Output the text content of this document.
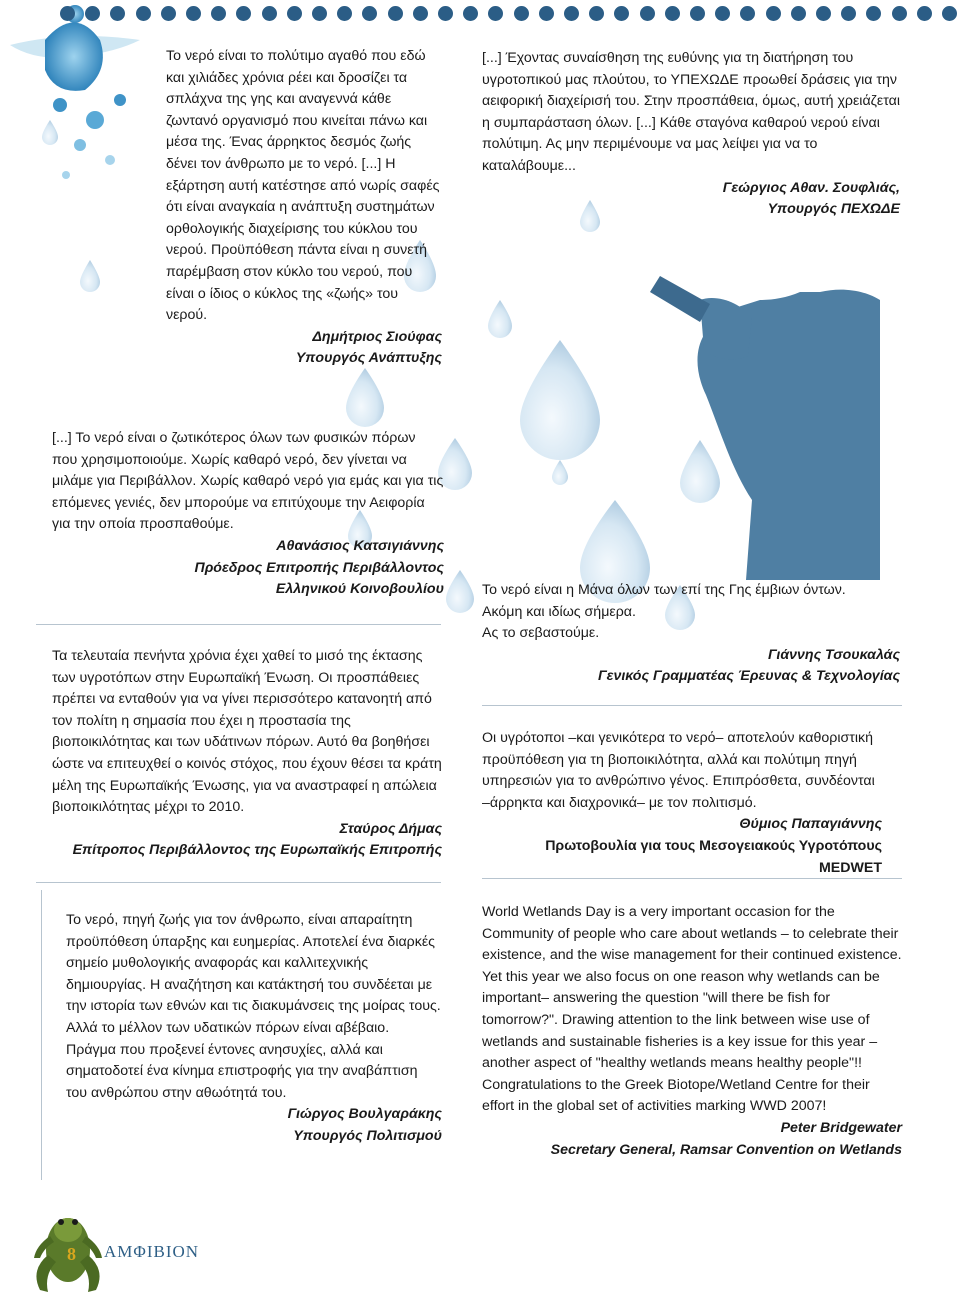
Το νερό είναι το πολύτιμο αγαθό που εδώ και χιλιάδες χρόνια ρέει και δροσίζει τα σπλάχνα της γης και αναγεννά κάθε ζωντανό οργανισμό που κινείται πάνω και μέσα της. Ένας άρρηκτος δεσμός ζωής δένει τον άνθρωπο με το νερό. [...] Η εξάρτηση αυτή κατέστησε από νωρίς σαφές ότι είναι αναγκαία η ανάπτυξη συστημάτων ορθολογικής διαχείρισης του κύκλου του νερού. Προϋπόθεση πάντα είναι η συνετή παρέμβαση στον κύκλο του νερού, που είναι ο ίδιος ο κύκλος της «ζωής» του νερού.

Δημήτριος Σιούφας

Υπουργός Ανάπτυξης

[...] Έχοντας συναίσθηση της ευθύνης για τη διατήρηση του υγροτοπικού μας πλούτου, το ΥΠΕΧΩΔΕ προωθεί δράσεις για την αειφορική διαχείρισή του. Στην προσπάθεια, όμως, αυτή χρειάζεται η συμπαράσταση όλων. [...] Κάθε σταγόνα καθαρού νερού είναι πολύτιμη. Ας μην περιμένουμε να μας λείψει για να το καταλάβουμε...

Γεώργιος Αθαν. Σουφλιάς,

Υπουργός ΠΕΧΩΔΕ

[...] Το νερό είναι ο ζωτικότερος όλων των φυσικών πόρων που χρησιμοποιούμε. Χωρίς καθαρό νερό, δεν γίνεται να μιλάμε για Περιβάλλον. Χωρίς καθαρό νερό για εμάς και για τις επόμενες γενιές, δεν μπορούμε να επιτύχουμε την Αειφορία για την οποία προσπαθούμε.

Αθανάσιος Κατσιγιάννης

Πρόεδρος Επιτροπής Περιβάλλοντος

Ελληνικού Κοινοβουλίου	Το νερό είναι η Μάνα όλων των επί της Γης έμβιων όντων.

Ακόμη και ιδίως σήμερα.

Ας το σεβαστούμε.

Γιάννης Τσουκαλάς

Γενικός Γραμματέας Έρευνας & Τεχνολογίας

Τα τελευταία πενήντα χρόνια έχει χαθεί το μισό της έκτασης των υγροτόπων στην Ευρωπαϊκή Ένωση. Οι προσπάθειες πρέπει να ενταθούν για να γίνει περισσότερο κατανοητή από τον πολίτη η σημασία που έχει η προστασία της βιοποικιλότητας και των υδάτινων πόρων. Αυτό θα βοηθήσει ώστε να επιτευχθεί ο κοινός στόχος, που έχουν θέσει τα κράτη μέλη της Ευρωπαϊκής Ένωσης, για να αναστραφεί η απώλεια βιοποικιλότητας μέχρι το 2010.

Σταύρος Δήμας

Επίτροπος Περιβάλλοντος της Ευρωπαϊκής Επιτροπής

Οι υγρότοποι –και γενικότερα το νερό– αποτελούν καθοριστική προϋπόθεση για τη βιοποικιλότητα, αλλά και πολύτιμη πηγή υπηρεσιών για το ανθρώπινο γένος. Επιπρόσθετα, συνδέονται –άρρηκτα και διαχρονικά– με τον πολιτισμό.

Θύμιος Παπαγιάννης

Πρωτοβουλία για τους Μεσογειακούς Υγροτόπους MEDWET

Το νερό, πηγή ζωής για τον άνθρωπο, είναι απαραίτητη προϋπόθεση ύπαρξης και ευημερίας. Αποτελεί ένα διαρκές σημείο μυθολογικής αναφοράς και καλλιτεχνικής δημιουργίας. Η αναζήτηση και κατάκτησή του συνδέεται με την ιστορία των εθνών και τις διακυμάνσεις της μοίρας τους. Αλλά το μέλλον των υδατικών πόρων είναι αβέβαιο. Πράγμα που προξενεί έντονες ανησυχίες, αλλά και σηματοδοτεί ένα κίνημα επιστροφής για την αναβάπτιση του ανθρώπου στην αθωότητά του.

Γιώργος Βουλγαράκης

Υπουργός Πολιτισμού

World Wetlands Day is a very important occasion for the Community of people who care about wetlands – to celebrate their existence, and the wise management for their continued existence. Yet this year we also focus on one reason why wetlands can be important– answering the question "will there be fish for tomorrow?". Drawing attention to the link between wise use of wetlands and sustainable fisheries is a key issue for this year –another aspect of "healthy wetlands means healthy people"!!

Congratulations to the Greek Biotope/Wetland Centre for their effort in the global set of activities marking WWD 2007!

Peter Bridgewater

Secretary General, Ramsar Convention on Wetlands

8 ΑΜΦΙΒΙΟΝ
